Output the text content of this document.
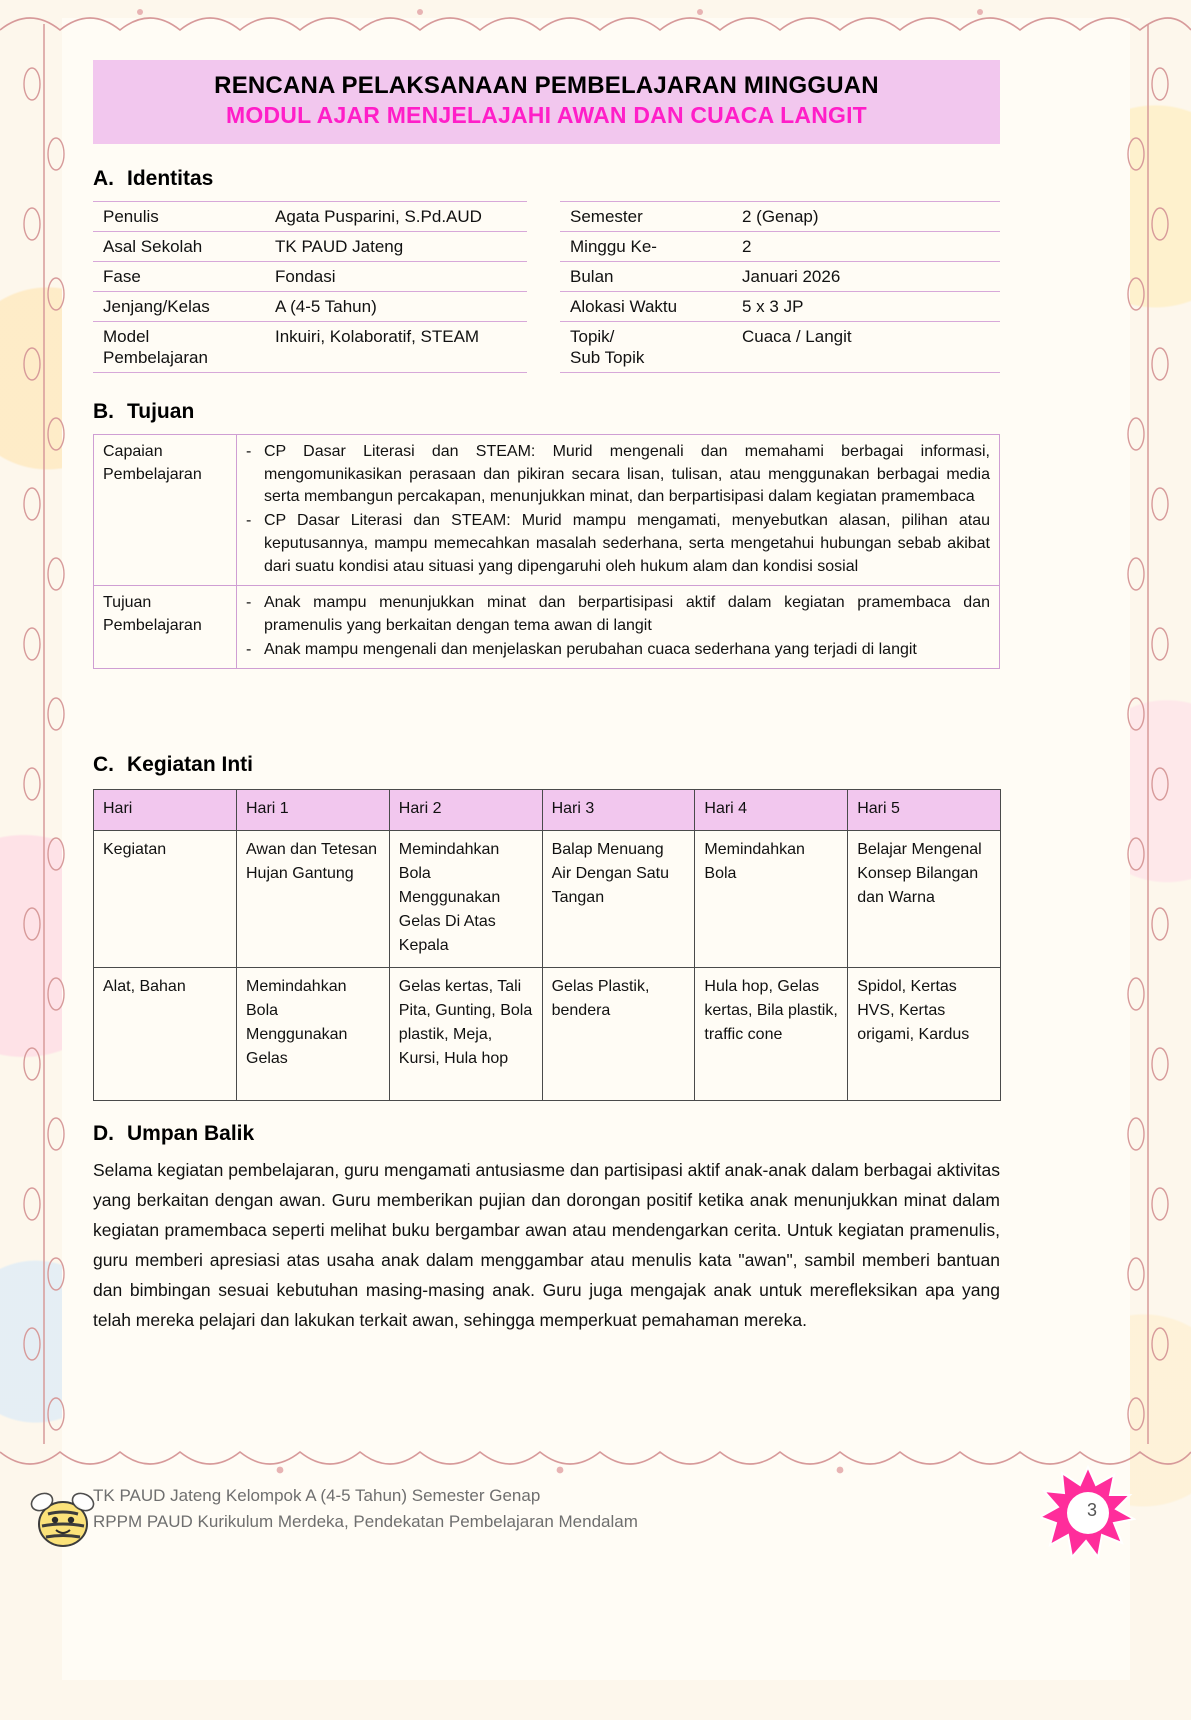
RENCANA PELAKSANAAN PEMBELAJARAN MINGGUAN
MODUL AJAR MENJELAJAHI AWAN DAN CUACA LANGIT
A. Identitas
Penulis	Agata Pusparini, S.Pd.AUD
Asal Sekolah	TK PAUD Jateng
Fase	Fondasi
Jenjang/Kelas	A (4-5 Tahun)

Model
Pembelajaran	Inkuiri, Kolaboratif, STEAM
Semester	2 (Genap)
Minggu Ke-	2
Bulan	Januari 2026
Alokasi Waktu	5 x 3 JP

Topik/
Sub Topik	Cuaca / Langit
B. Tujuan
Capaian
Pembelajaran

- CP Dasar Literasi dan STEAM: Murid mengenali dan memahami berbagai informasi, mengomunikasikan perasaan dan pikiran secara lisan, tulisan, atau menggunakan berbagai media serta membangun percakapan, menunjukkan minat, dan berpartisipasi dalam kegiatan pramembaca
- CP Dasar Literasi dan STEAM: Murid mampu mengamati, menyebutkan alasan, pilihan atau keputusannya, mampu memecahkan masalah sederhana, serta mengetahui hubungan sebab akibat dari suatu kondisi atau situasi yang dipengaruhi oleh hukum alam dan kondisi sosial

Tujuan
Pembelajaran

- Anak mampu menunjukkan minat dan berpartisipasi aktif dalam kegiatan pramembaca dan pramenulis yang berkaitan dengan tema awan di langit
- Anak mampu mengenali dan menjelaskan perubahan cuaca sederhana yang terjadi di langit
C. Kegiatan Inti
Hari	Hari 1	Hari 2	Hari 3	Hari 4	Hari 5
Kegiatan	Awan dan Tetesan Hujan Gantung	Memindahkan Bola Menggunakan Gelas Di Atas Kepala	Balap Menuang Air Dengan Satu Tangan	Memindahkan Bola	Belajar Mengenal Konsep Bilangan dan Warna
Alat, Bahan	Memindahkan Bola Menggunakan Gelas	Gelas kertas, Tali Pita, Gunting, Bola plastik, Meja, Kursi, Hula hop	Gelas Plastik, bendera	Hula hop, Gelas kertas, Bila plastik, traffic cone	Spidol, Kertas HVS, Kertas origami, Kardus
D. Umpan Balik
Selama kegiatan pembelajaran, guru mengamati antusiasme dan partisipasi aktif anak-anak dalam berbagai aktivitas yang berkaitan dengan awan. Guru memberikan pujian dan dorongan positif ketika anak menunjukkan minat dalam kegiatan pramembaca seperti melihat buku bergambar awan atau mendengarkan cerita. Untuk kegiatan pramenulis, guru memberi apresiasi atas usaha anak dalam menggambar atau menulis kata "awan", sambil memberi bantuan dan bimbingan sesuai kebutuhan masing-masing anak. Guru juga mengajak anak untuk merefleksikan apa yang telah mereka pelajari dan lakukan terkait awan, sehingga memperkuat pemahaman mereka.
TK PAUD Jateng Kelompok A (4-5 Tahun) Semester Genap
RPPM PAUD Kurikulum Merdeka, Pendekatan Pembelajaran Mendalam
3
